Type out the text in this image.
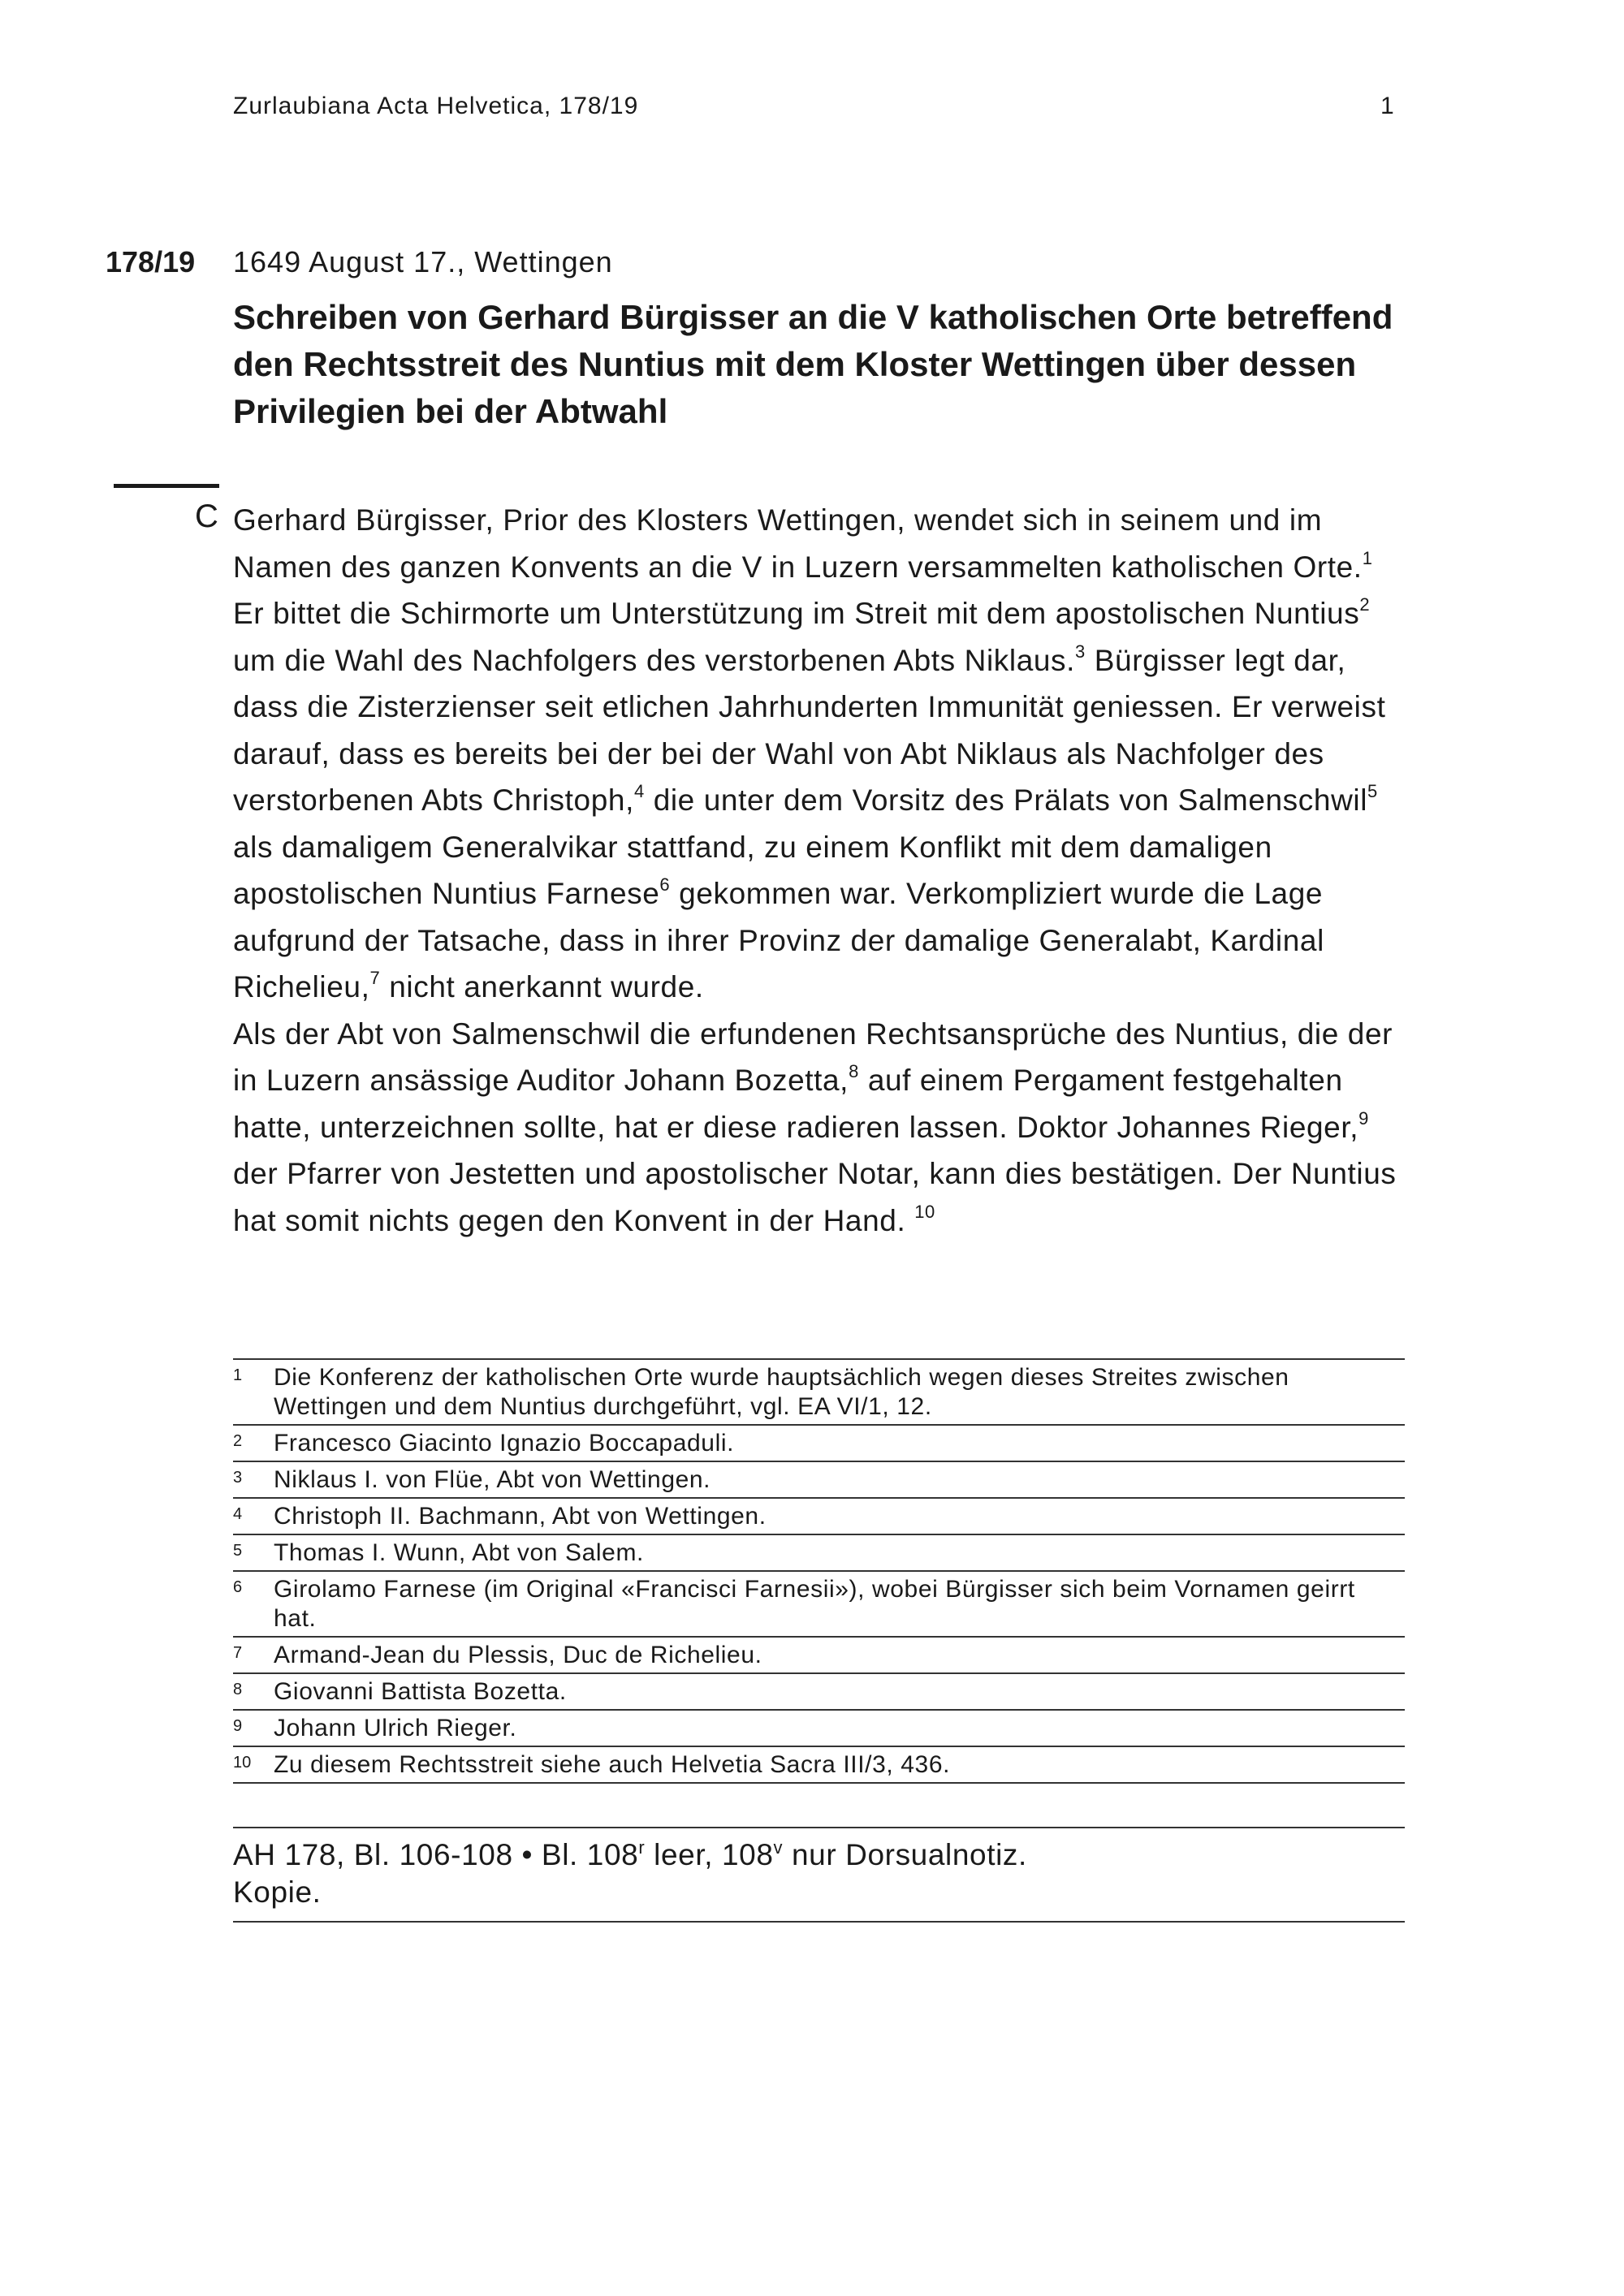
Zurlaubiana Acta Helvetica, 178/19	1
178/19 1649 August 17., Wettingen
Schreiben von Gerhard Bürgisser an die V katholischen Orte betreffend den Rechtsstreit des Nuntius mit dem Kloster Wettingen über dessen Privilegien bei der Abtwahl
C Gerhard Bürgisser, Prior des Klosters Wettingen, wendet sich in seinem und im Namen des ganzen Konvents an die V in Luzern versammelten katholischen Orte.$^1$ Er bittet die Schirmorte um Unterstützung im Streit mit dem apostolischen Nuntius$^2$ um die Wahl des Nachfolgers des verstorbenen Abts Niklaus.$^3$ Bürgisser legt dar, dass die Zisterzienser seit etlichen Jahrhunderten Immunität geniessen. Er verweist darauf, dass es bereits bei der bei der Wahl von Abt Niklaus als Nachfolger des verstorbenen Abts Christoph,$^4$ die unter dem Vorsitz des Prälats von Salmenschwil$^5$ als damaligem Generalvikar stattfand, zu einem Konflikt mit dem damaligen apostolischen Nuntius Farnese$^6$ gekommen war. Verkompliziert wurde die Lage aufgrund der Tatsache, dass in ihrer Provinz der damalige Generalabt, Kardinal Richelieu,$^7$ nicht anerkannt wurde.

Als der Abt von Salmenschwil die erfundenen Rechtsansprüche des Nuntius, die der in Luzern ansässige Auditor Johann Bozetta,$^8$ auf einem Pergament festgehalten hatte, unterzeichnen sollte, hat er diese radieren lassen. Doktor Johannes Rieger,$^9$ der Pfarrer von Jestetten und apostolischer Notar, kann dies bestätigen. Der Nuntius hat somit nichts gegen den Konvent in der Hand. $^{10}$

1	Die Konferenz der katholischen Orte wurde hauptsächlich wegen dieses Streites zwischen Wettingen und dem Nuntius durchgeführt, vgl. EA VI/1, 12.
2	Francesco Giacinto Ignazio Boccapaduli.
3	Niklaus I. von Flüe, Abt von Wettingen.
4	Christoph II. Bachmann, Abt von Wettingen.
5	Thomas I. Wunn, Abt von Salem.
6	Girolamo Farnese (im Original «Francisci Farnesii»), wobei Bürgisser sich beim Vornamen geirrt hat.
7	Armand-Jean du Plessis, Duc de Richelieu.
8	Giovanni Battista Bozetta.
9	Johann Ulrich Rieger.
10 Zu diesem Rechtsstreit siehe auch Helvetia Sacra III/3, 436.
AH 178, Bl. 106-108 • Bl. 108$^r$ leer, 108$^v$ nur Dorsualnotiz.
Kopie.
